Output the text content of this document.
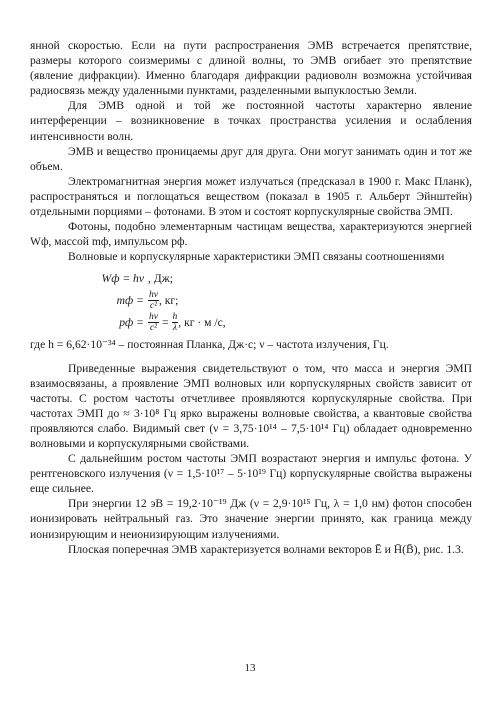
янной скоростью. Если на пути распространения ЭМВ встречается препятствие, размеры которого соизмеримы с длиной волны, то ЭМВ огибает это препятствие (явление дифракции). Именно благодаря дифракции радиоволн возможна устойчивая радиосвязь между удаленными пунктами, разделенными выпуклостью Земли.

Для ЭМВ одной и той же постоянной частоты характерно явление интерференции – возникновение в точках пространства усиления и ослабления интенсивности волн.

ЭМВ и вещество проницаемы друг для друга. Они могут занимать один и тот же объем.

Электромагнитная энергия может излучаться (предсказал в 1900 г. Макс Планк), распространяться и поглощаться веществом (показал в 1905 г. Альберт Эйнштейн) отдельными порциями – фотонами. В этом и состоят корпускулярные свойства ЭМП.

Фотоны, подобно элементарным частицам вещества, характеризуются энергией Wф, массой mф, импульсом pф.

Волновые и корпускулярные характеристики ЭМП связаны соотношениями

Wф = hν , Дж;
mф = $\frac{h\nu}{\text{c²}}$ , кг;
pф = $\frac{h\nu}{\text{c²}} = \frac{h}{\lambda}$ , кг · м /с,

где h = 6,62·10⁻³⁴ – постоянная Планка, Дж·с; ν – частота излучения, Гц.

Приведенные выражения свидетельствуют о том, что масса и энергия ЭМП взаимосвязаны, а проявление ЭМП волновых или корпускулярных свойств зависит от частоты. С ростом частоты отчетливее проявляются корпускулярные свойства. При частотах ЭМП до ≈ 3·10⁸ Гц ярко выражены волновые свойства, а квантовые свойства проявляются слабо. Видимый свет (ν = 3,75·10¹⁴ – 7,5·10¹⁴ Гц) обладает одновременно волновыми и корпускулярными свойствами.

С дальнейшим ростом частоты ЭМП возрастают энергия и импульс фотона. У рентгеновского излучения (ν = 1,5·10¹⁷ – 5·10¹⁹ Гц) корпускулярные свойства выражены еще сильнее.

При энергии 12 эВ = 19,2·10⁻¹⁹ Дж (ν = 2,9·10¹⁵ Гц, λ = 1,0 нм) фотон способен ионизировать нейтральный газ. Это значение энергии принято, как граница между ионизирующим и неионизирующим излучениями.

Плоская поперечная ЭМВ характеризуется волнами векторов Ē и H̄(B̄), рис. 1.3.

13
